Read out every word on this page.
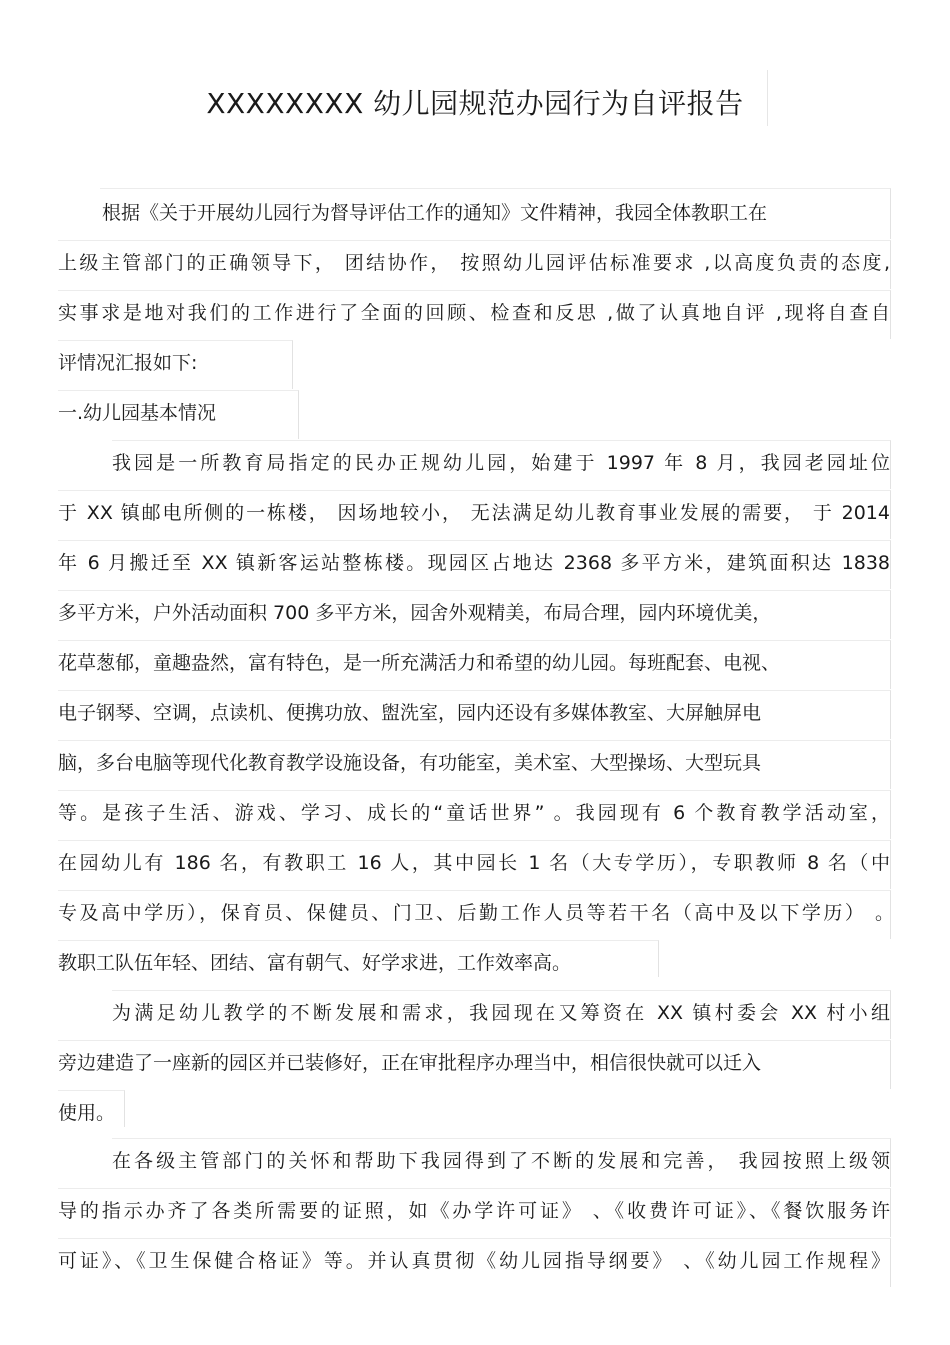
XXXXXXXX 幼儿园规范办园行为自评报告
根据《关于开展幼儿园行为督导评估工作的通知》文件精神，我园全体教职工在
上级主管部门的正确领导下， 团结协作， 按照幼儿园评估标准要求 ,以高度负责的态度,
实事求是地对我们的工作进行了全面的回顾、检查和反思 ,做了认真地自评 ,现将自查自
评情况汇报如下:
一.幼儿园基本情况
我园是一所教育局指定的民办正规幼儿园，始建于 1997 年 8 月，我园老园址位
于 XX 镇邮电所侧的一栋楼， 因场地较小， 无法满足幼儿教育事业发展的需要， 于 2014
年 6 月搬迁至 XX 镇新客运站整栋楼。现园区占地达 2368 多平方米，建筑面积达 1838
多平方米，户外活动面积 700 多平方米，园舍外观精美，布局合理，园内环境优美，
花草葱郁，童趣盎然，富有特色，是一所充满活力和希望的幼儿园。每班配套、电视、
电子钢琴、空调，点读机、便携功放、盥洗室，园内还设有多媒体教室、大屏触屏电
脑，多台电脑等现代化教育教学设施设备，有功能室，美术室、大型操场、大型玩具
等。是孩子生活、游戏、学习、成长的“童话世界” 。我园现有 6 个教育教学活动室，
在园幼儿有 186 名，有教职工 16 人，其中园长 1 名（大专学历），专职教师 8 名（中
专及高中学历），保育员、保健员、门卫、后勤工作人员等若干名（高中及以下学历） 。
教职工队伍年轻、团结、富有朝气、好学求进，工作效率高。
为满足幼儿教学的不断发展和需求，我园现在又筹资在 XX 镇村委会 XX 村小组
旁边建造了一座新的园区并已装修好，正在审批程序办理当中，相信很快就可以迁入
使用。
在各级主管部门的关怀和帮助下我园得到了不断的发展和完善， 我园按照上级领
导的指示办齐了各类所需要的证照，如《办学许可证》 、《收费许可证》、《餐饮服务许
可证》、《卫生保健合格证》等。并认真贯彻《幼儿园指导纲要》 、《幼儿园工作规程》
